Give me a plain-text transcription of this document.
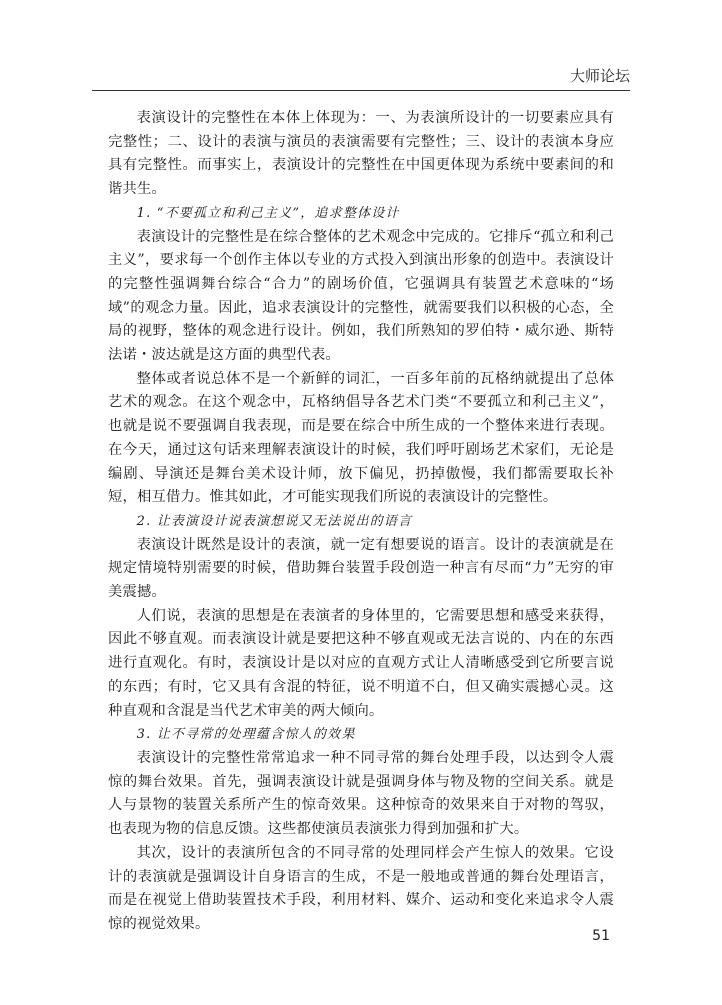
大师论坛

表演设计的完整性在本体上体现为：一、为表演所设计的一切要素应具有完整性；二、设计的表演与演员的表演需要有完整性；三、设计的表演本身应具有完整性。而事实上，表演设计的完整性在中国更体现为系统中要素间的和谐共生。

1. “不要孤立和利己主义”，追求整体设计

表演设计的完整性是在综合整体的艺术观念中完成的。它排斥“孤立和利己主义”，要求每一个创作主体以专业的方式投入到演出形象的创造中。表演设计的完整性强调舞台综合“合力”的剧场价值，它强调具有装置艺术意味的“场域”的观念力量。因此，追求表演设计的完整性，就需要我们以积极的心态，全局的视野，整体的观念进行设计。例如，我们所熟知的罗伯特・威尔逊、斯特法诺・波达就是这方面的典型代表。

整体或者说总体不是一个新鲜的词汇，一百多年前的瓦格纳就提出了总体艺术的观念。在这个观念中，瓦格纳倡导各艺术门类“不要孤立和利己主义”，也就是说不要强调自我表现，而是要在综合中所生成的一个整体来进行表现。在今天，通过这句话来理解表演设计的时候，我们呼吁剧场艺术家们，无论是编剧、导演还是舞台美术设计师，放下偏见，扔掉傲慢，我们都需要取长补短，相互借力。惟其如此，才可能实现我们所说的表演设计的完整性。

2. 让表演设计说表演想说又无法说出的语言

表演设计既然是设计的表演，就一定有想要说的语言。设计的表演就是在规定情境特别需要的时候，借助舞台装置手段创造一种言有尽而“力”无穷的审美震撼。

人们说，表演的思想是在表演者的身体里的，它需要思想和感受来获得，因此不够直观。而表演设计就是要把这种不够直观或无法言说的、内在的东西进行直观化。有时，表演设计是以对应的直观方式让人清晰感受到它所要言说的东西；有时，它又具有含混的特征，说不明道不白，但又确实震撼心灵。这种直观和含混是当代艺术审美的两大倾向。

3. 让不寻常的处理蕴含惊人的效果

表演设计的完整性常常追求一种不同寻常的舞台处理手段，以达到令人震惊的舞台效果。首先，强调表演设计就是强调身体与物及物的空间关系。就是人与景物的装置关系所产生的惊奇效果。这种惊奇的效果来自于对物的驾驭，也表现为物的信息反馈。这些都使演员表演张力得到加强和扩大。

其次，设计的表演所包含的不同寻常的处理同样会产生惊人的效果。它设计的表演就是强调设计自身语言的生成，不是一般地或普通的舞台处理语言，而是在视觉上借助装置技术手段，利用材料、媒介、运动和变化来追求令人震惊的视觉效果。

51
